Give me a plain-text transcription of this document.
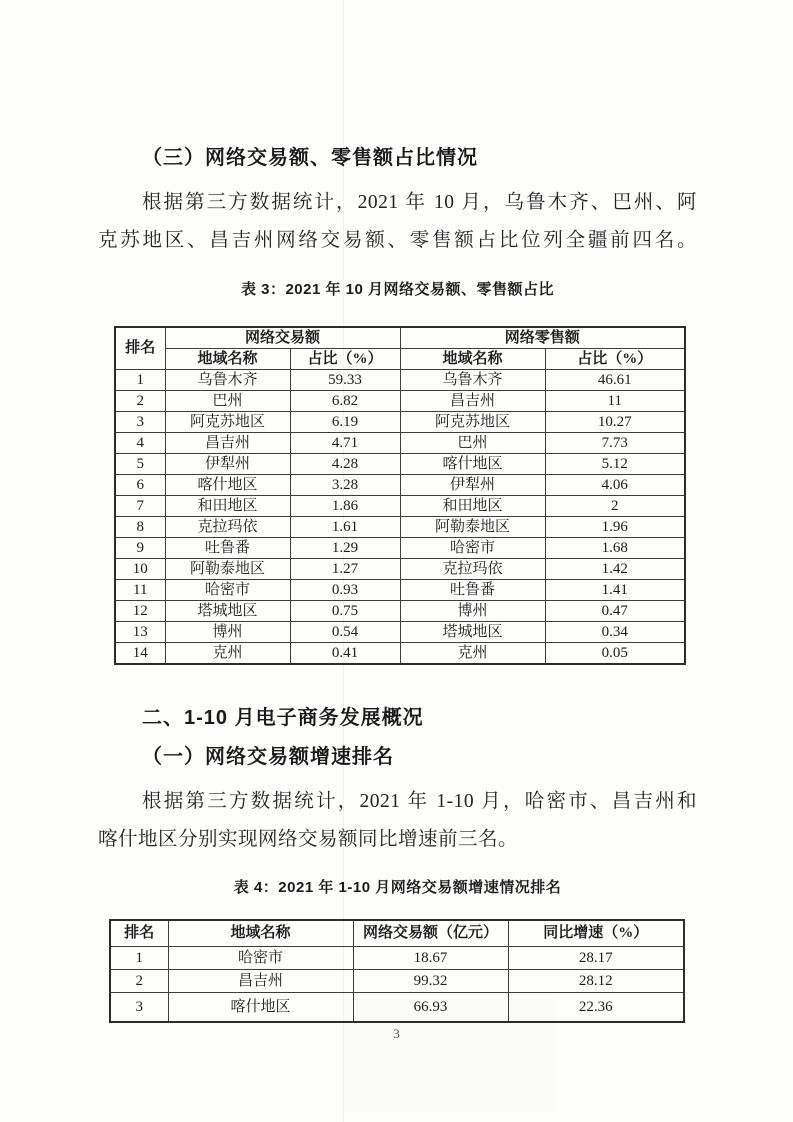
（三）网络交易额、零售额占比情况

根据第三方数据统计，2021 年 10 月，乌鲁木齐、巴州、阿
克苏地区、昌吉州网络交易额、零售额占比位列全疆前四名。

表 3：2021 年 10 月网络交易额、零售额占比
排名	网络交易额		网络零售额	
	地域名称	占比（%）	地域名称	占比（%）
1	乌鲁木齐	59.33	乌鲁木齐	46.61
2	巴州	6.82	昌吉州	11
3	阿克苏地区	6.19	阿克苏地区	10.27
4	昌吉州	4.71	巴州	7.73
5	伊犁州	4.28	喀什地区	5.12
6	喀什地区	3.28	伊犁州	4.06
7	和田地区	1.86	和田地区	2
8	克拉玛依	1.61	阿勒泰地区	1.96
9	吐鲁番	1.29	哈密市	1.68
10	阿勒泰地区	1.27	克拉玛依	1.42
11	哈密市	0.93	吐鲁番	1.41
12	塔城地区	0.75	博州	0.47
13	博州	0.54	塔城地区	0.34
14	克州	0.41	克州	0.05
二、1-10 月电子商务发展概况
（一）网络交易额增速排名

根据第三方数据统计，2021 年 1-10 月，哈密市、昌吉州和
喀什地区分别实现网络交易额同比增速前三名。

表 4：2021 年 1-10 月网络交易额增速情况排名
排名	地域名称	网络交易额（亿元）	同比增速（%）
1	哈密市	18.67	28.17
2	昌吉州	99.32	28.12
3	喀什地区	66.93	22.36
3
